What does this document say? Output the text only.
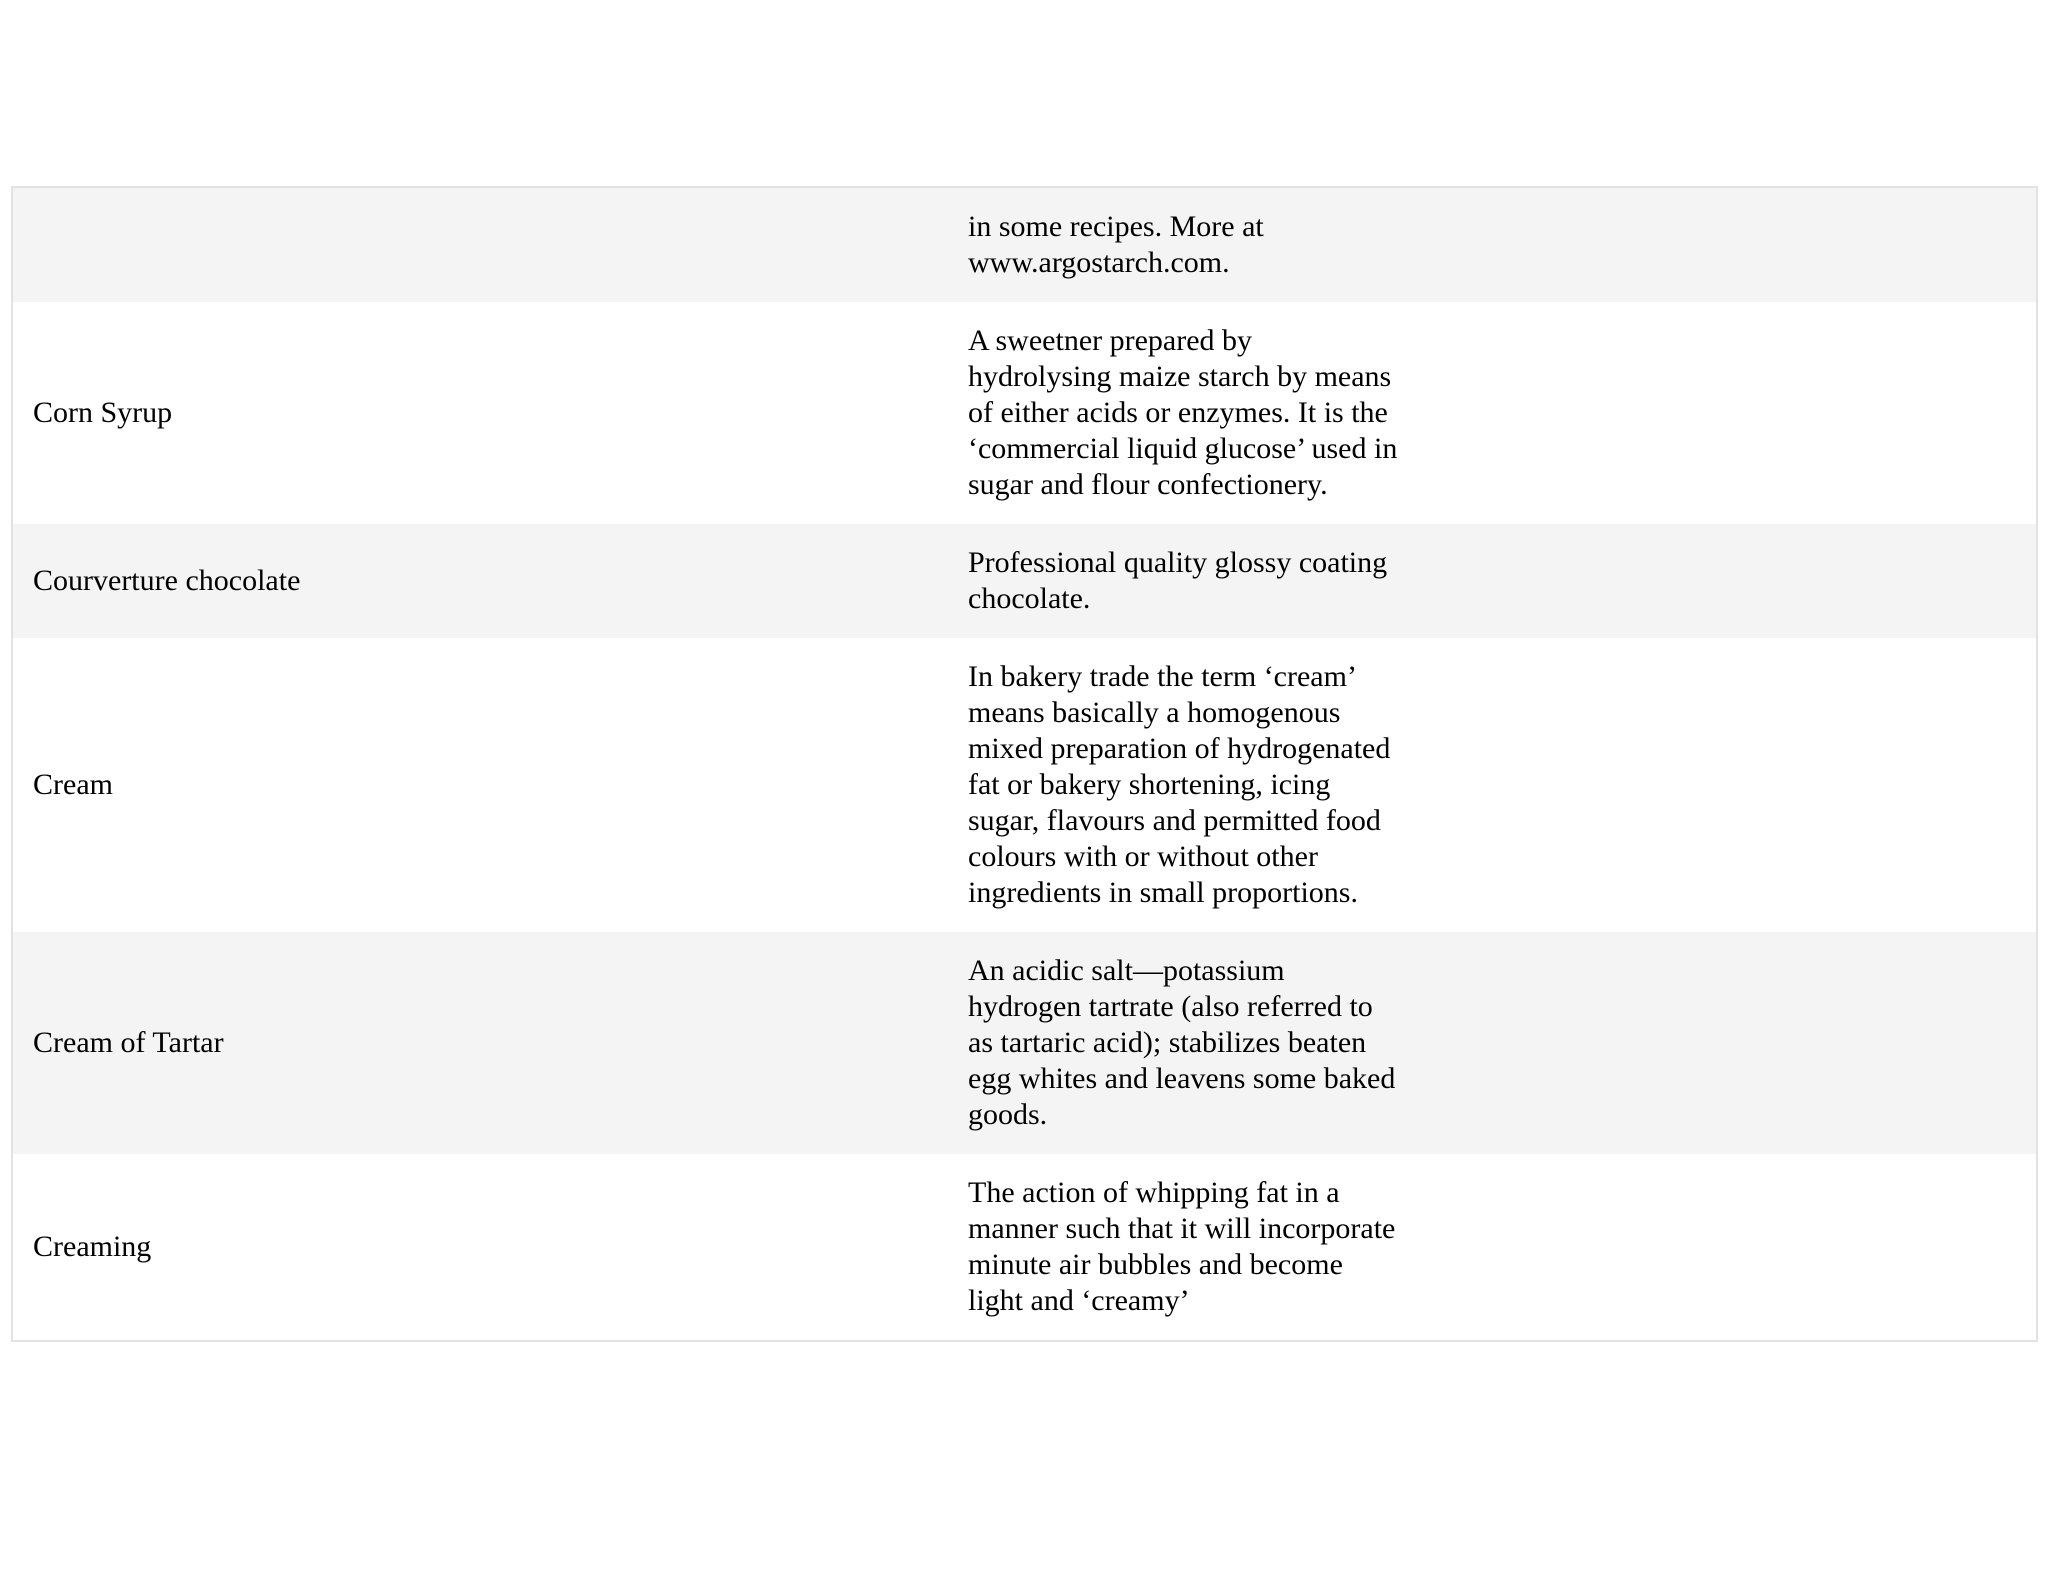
in some recipes. More at www.argostarch.com.
Corn Syrup
A sweetner prepared by hydrolysing maize starch by means of either acids or enzymes. It is the ‘commercial liquid glucose’ used in sugar and flour confectionery.
Courverture chocolate
Professional quality glossy coating chocolate.
Cream
In bakery trade the term ‘cream’ means basically a homogenous mixed preparation of hydrogenated fat or bakery shortening, icing sugar, flavours and permitted food colours with or without other ingredients in small proportions.
Cream of Tartar
An acidic salt—potassium hydrogen tartrate (also referred to as tartaric acid); stabilizes beaten egg whites and leavens some baked goods.
Creaming
The action of whipping fat in a manner such that it will incorporate minute air bubbles and become light and ‘creamy’
